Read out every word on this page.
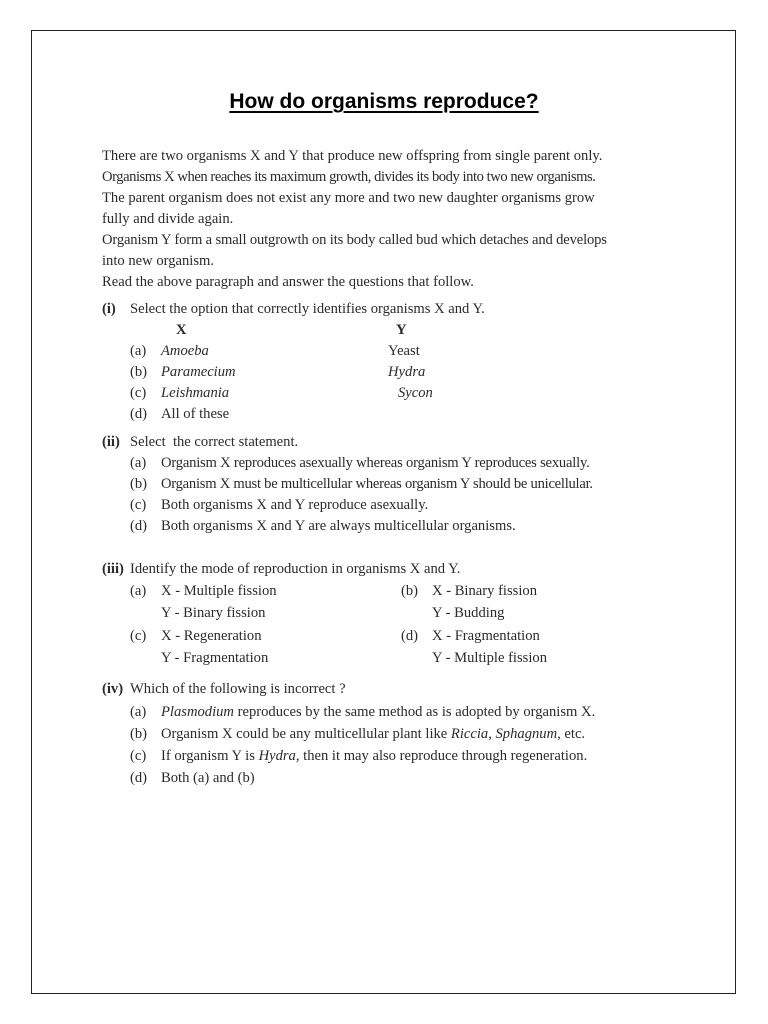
How do organisms reproduce?

There are two organisms X and Y that produce new offspring from single parent only.

Organisms X when reaches its maximum growth, divides its body into two new organisms.

The parent organism does not exist any more and two new daughter organisms grow

fully and divide again.

Organism Y form a small outgrowth on its body called bud which detaches and develops

into new organism.

Read the above paragraph and answer the questions that follow.

(i) Select the option that correctly identifies organisms X and Y.

X	Y

(a) Amoeba	Yeast

(b) Paramecium	Hydra

(c) Leishmania	Sycon

(d) All of these

(ii) Select  the correct statement.

(a) Organism X reproduces asexually whereas organism Y reproduces sexually.

(b) Organism X must be multicellular whereas organism Y should be unicellular.

(c) Both organisms X and Y reproduce asexually.

(d) Both organisms X and Y are always multicellular organisms.

(iii) Identify the mode of reproduction in organisms X and Y.

(a) X - Multiple fission
Y - Binary fission
(b) X - Binary fission
Y - Budding
(c) X - Regeneration
Y - Fragmentation
(d) X - Fragmentation
Y - Multiple fission

(iv) Which of the following is incorrect ?

(a) Plasmodium reproduces by the same method as is adopted by organism X.

(b) Organism X could be any multicellular plant like Riccia, Sphagnum, etc.

(c) If organism Y is Hydra, then it may also reproduce through regeneration.

(d) Both (a) and (b)
